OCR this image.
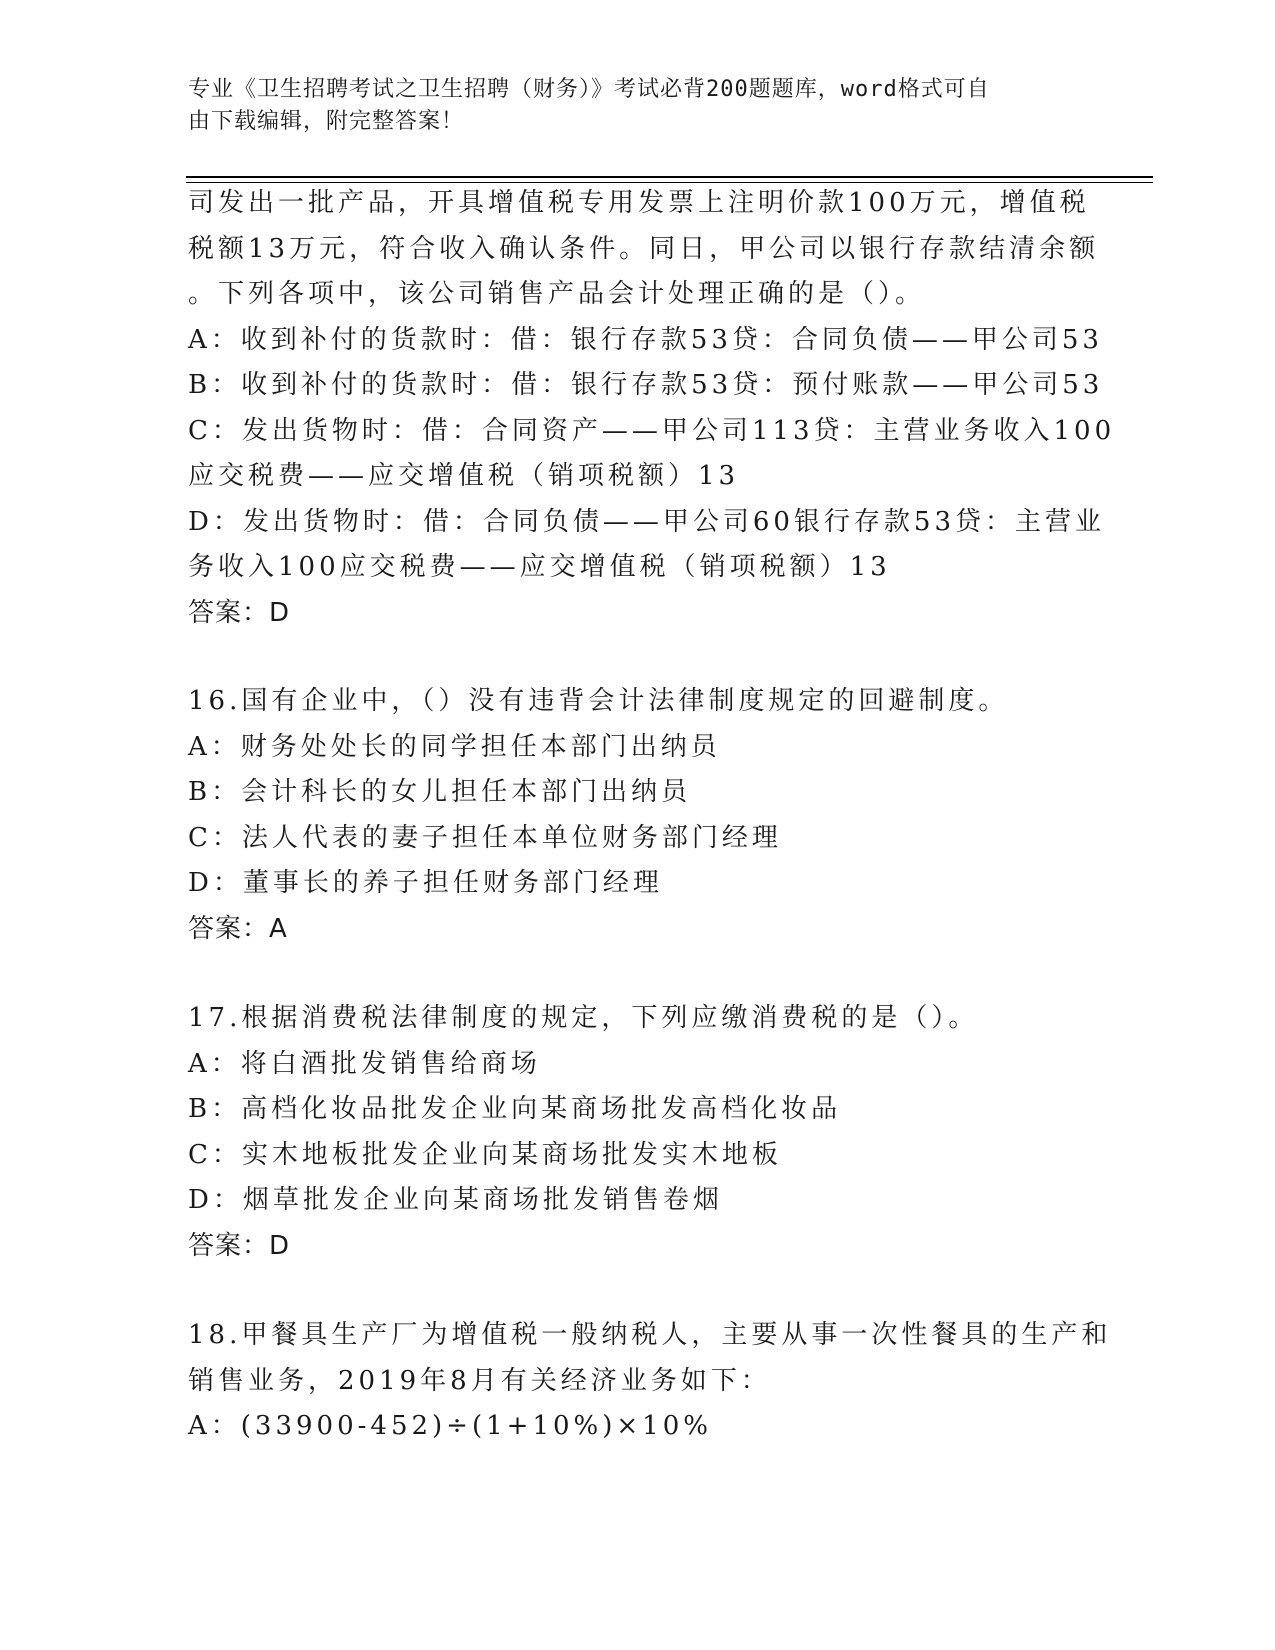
专业《卫生招聘考试之卫生招聘（财务）》考试必背200题题库，word格式可自
由下载编辑，附完整答案！
司发出一批产品，开具增值税专用发票上注明价款100万元，增值税
税额13万元，符合收入确认条件。同日，甲公司以银行存款结清余额
。下列各项中，该公司销售产品会计处理正确的是（）。
A：收到补付的货款时：借：银行存款53贷：合同负债——甲公司53
B：收到补付的货款时：借：银行存款53贷：预付账款——甲公司53
C：发出货物时：借：合同资产——甲公司113贷：主营业务收入100
应交税费——应交增值税（销项税额）13
D：发出货物时：借：合同负债——甲公司60银行存款53贷：主营业
务收入100应交税费——应交增值税（销项税额）13
答案：D
16.国有企业中，（）没有违背会计法律制度规定的回避制度。
A：财务处处长的同学担任本部门出纳员
B：会计科长的女儿担任本部门出纳员
C：法人代表的妻子担任本单位财务部门经理
D：董事长的养子担任财务部门经理
答案：A
17.根据消费税法律制度的规定，下列应缴消费税的是（）。
A：将白酒批发销售给商场
B：高档化妆品批发企业向某商场批发高档化妆品
C：实木地板批发企业向某商场批发实木地板
D：烟草批发企业向某商场批发销售卷烟
答案：D
18.甲餐具生产厂为增值税一般纳税人，主要从事一次性餐具的生产和
销售业务，2019年8月有关经济业务如下：
A：(33900-452)÷(1+10%)×10%
